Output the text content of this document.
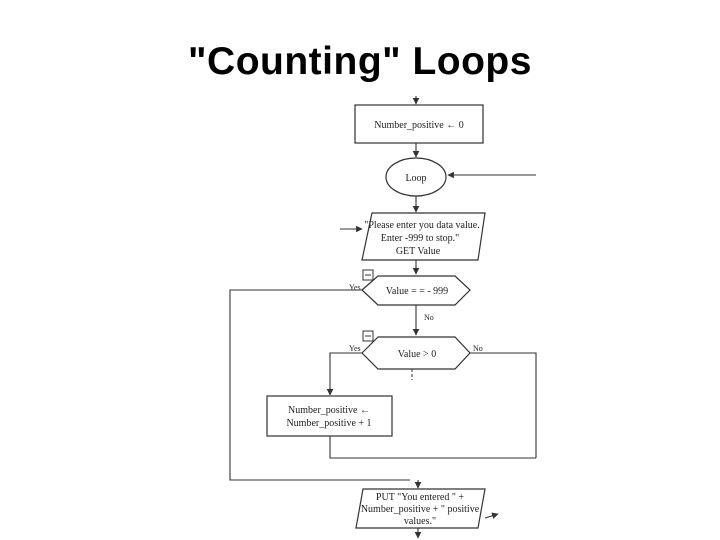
"Counting" Loops
Number_positive ← 0
Loop
"Please enter you data value.
Enter -999 to stop."
GET Value
Value = = - 999
Yes
No
Value > 0
Yes	No
Number_positive ←
Number_positive + 1
PUT "You entered " +
Number_positive + " positive
values."
